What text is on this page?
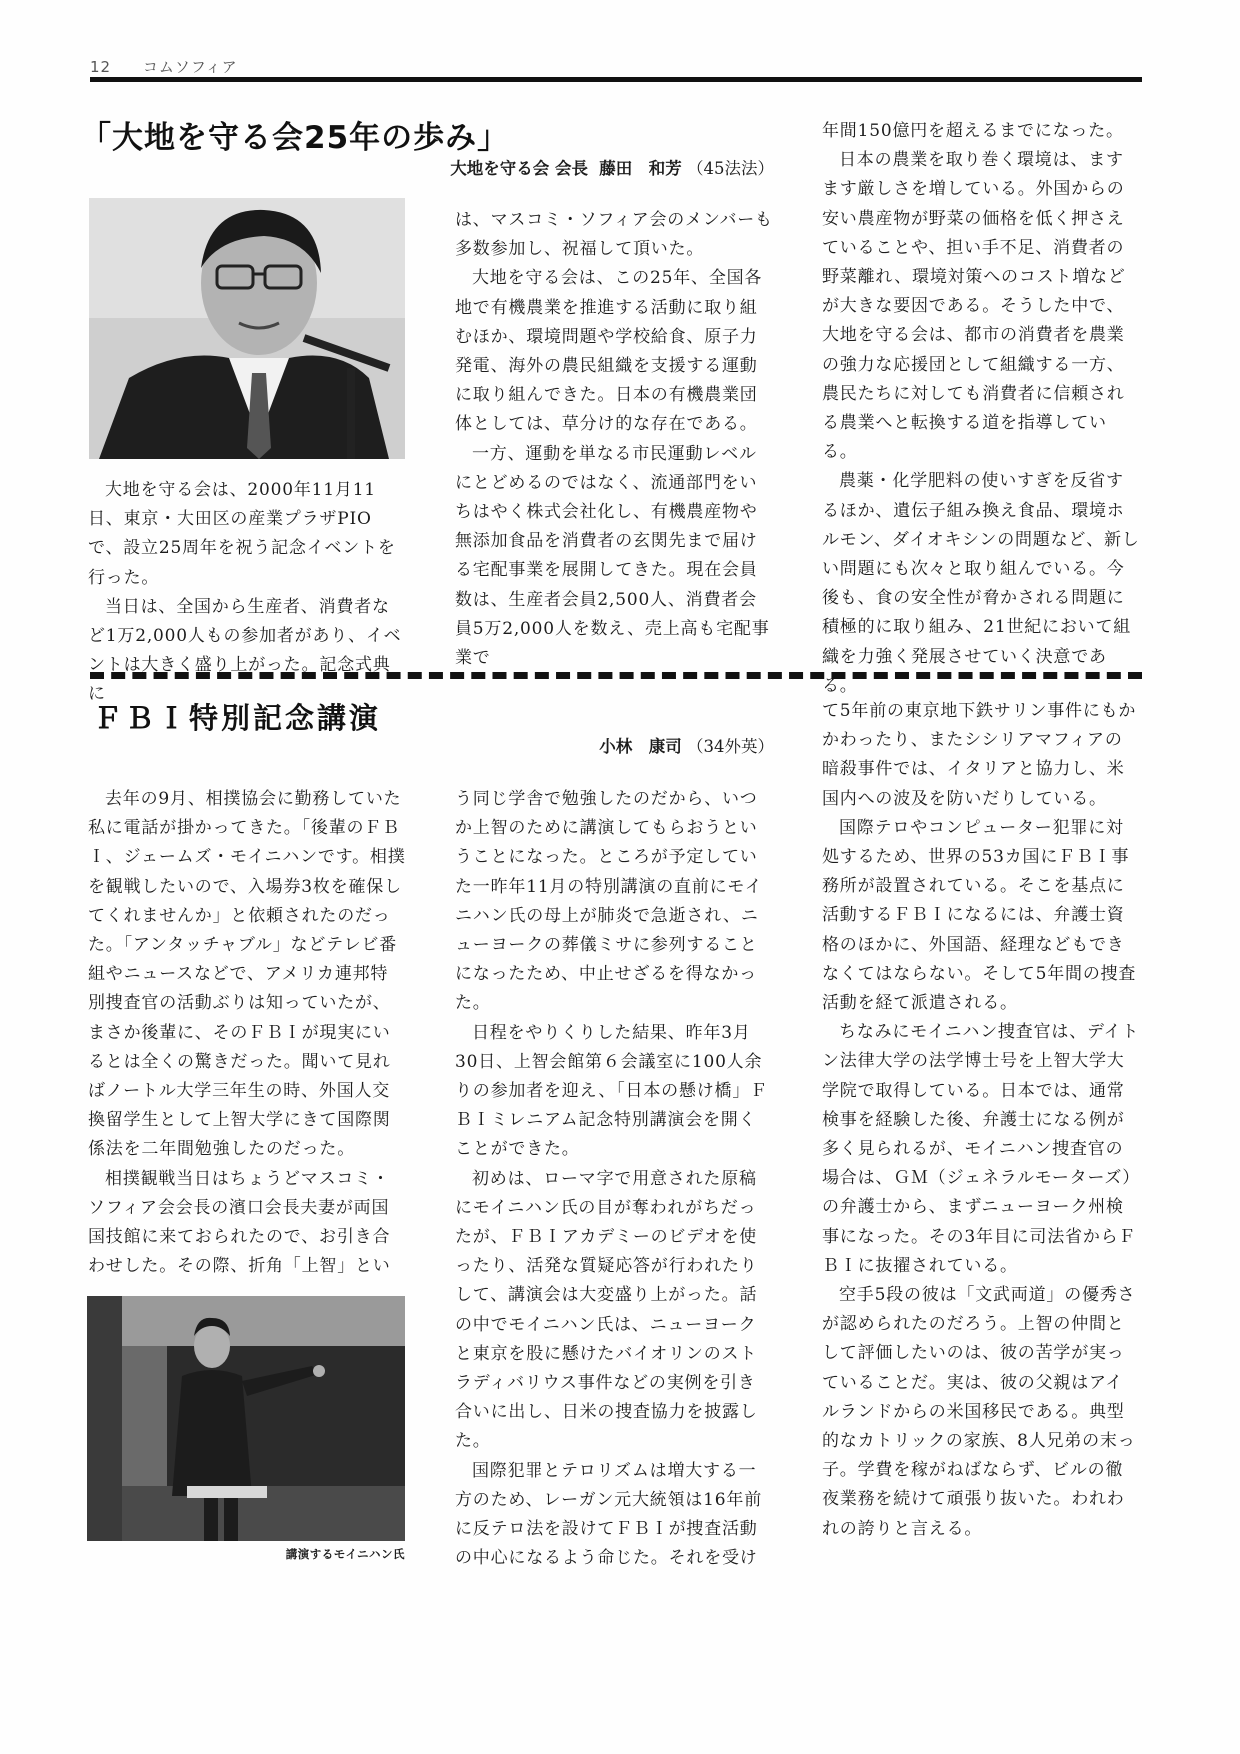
12 コムソフィア
「大地を守る会25年の歩み」
大地を守る会 会長 藤田　和芳 （45法法）

大地を守る会は、2000年11月11日、東京・大田区の産業プラザPIOで、設立25周年を祝う記念イベントを行った。

当日は、全国から生産者、消費者など1万2,000人もの参加者があり、イベントは大きく盛り上がった。記念式典に

は、マスコミ・ソフィア会のメンバーも多数参加し、祝福して頂いた。

大地を守る会は、この25年、全国各地で有機農業を推進する活動に取り組むほか、環境問題や学校給食、原子力発電、海外の農民組織を支援する運動に取り組んできた。日本の有機農業団体としては、草分け的な存在である。

一方、運動を単なる市民運動レベルにとどめるのではなく、流通部門をいちはやく株式会社化し、有機農産物や無添加食品を消費者の玄関先まで届ける宅配事業を展開してきた。現在会員数は、生産者会員2,500人、消費者会員5万2,000人を数え、売上高も宅配事業で

年間150億円を超えるまでになった。

日本の農業を取り巻く環境は、ますます厳しさを増している。外国からの安い農産物が野菜の価格を低く押さえていることや、担い手不足、消費者の野菜離れ、環境対策へのコスト増などが大きな要因である。そうした中で、大地を守る会は、都市の消費者を農業の強力な応援団として組織する一方、農民たちに対しても消費者に信頼される農業へと転換する道を指導している。

農薬・化学肥料の使いすぎを反省するほか、遺伝子組み換え食品、環境ホルモン、ダイオキシンの問題など、新しい問題にも次々と取り組んでいる。今後も、食の安全性が脅かされる問題に積極的に取り組み、21世紀において組織を力強く発展させていく決意である。

ＦＢＩ特別記念講演
小林　康司 （34外英）

去年の9月、相撲協会に勤務していた私に電話が掛かってきた。「後輩のＦＢＩ、ジェームズ・モイニハンです。相撲を観戦したいので、入場券3枚を確保してくれませんか」と依頼されたのだった。「アンタッチャブル」などテレビ番組やニュースなどで、アメリカ連邦特別捜査官の活動ぶりは知っていたが、まさか後輩に、そのＦＢＩが現実にいるとは全くの驚きだった。聞いて見ればノートル大学三年生の時、外国人交換留学生として上智大学にきて国際関係法を二年間勉強したのだった。

相撲観戦当日はちょうどマスコミ・ソフィア会会長の濱口会長夫妻が両国国技館に来ておられたので、お引き合わせした。その際、折角「上智」とい

講演するモイニハン氏

う同じ学舎で勉強したのだから、いつか上智のために講演してもらおうということになった。ところが予定していた一昨年11月の特別講演の直前にモイニハン氏の母上が肺炎で急逝され、ニューヨークの葬儀ミサに参列することになったため、中止せざるを得なかった。

日程をやりくりした結果、昨年3月30日、上智会館第６会議室に100人余りの参加者を迎え、「日本の懸け橋」ＦＢＩミレニアム記念特別講演会を開くことができた。

初めは、ローマ字で用意された原稿にモイニハン氏の目が奪われがちだったが、ＦＢＩアカデミーのビデオを使ったり、活発な質疑応答が行われたりして、講演会は大変盛り上がった。話の中でモイニハン氏は、ニューヨークと東京を股に懸けたバイオリンのストラディバリウス事件などの実例を引き合いに出し、日米の捜査協力を披露した。

国際犯罪とテロリズムは増大する一方のため、レーガン元大統領は16年前に反テロ法を設けてＦＢＩが捜査活動の中心になるよう命じた。それを受け

て5年前の東京地下鉄サリン事件にもかかわったり、またシシリアマフィアの暗殺事件では、イタリアと協力し、米国内への波及を防いだりしている。

国際テロやコンピューター犯罪に対処するため、世界の53カ国にＦＢＩ事務所が設置されている。そこを基点に活動するＦＢＩになるには、弁護士資格のほかに、外国語、経理などもできなくてはならない。そして5年間の捜査活動を経て派遣される。

ちなみにモイニハン捜査官は、デイトン法律大学の法学博士号を上智大学大学院で取得している。日本では、通常検事を経験した後、弁護士になる例が多く見られるが、モイニハン捜査官の場合は、ＧＭ（ジェネラルモーターズ）の弁護士から、まずニューヨーク州検事になった。その3年目に司法省からＦＢＩに抜擢されている。

空手5段の彼は「文武両道」の優秀さが認められたのだろう。上智の仲間として評価したいのは、彼の苦学が実っていることだ。実は、彼の父親はアイルランドからの米国移民である。典型的なカトリックの家族、8人兄弟の末っ子。学費を稼がねばならず、ビルの徹夜業務を続けて頑張り抜いた。われわれの誇りと言える。
